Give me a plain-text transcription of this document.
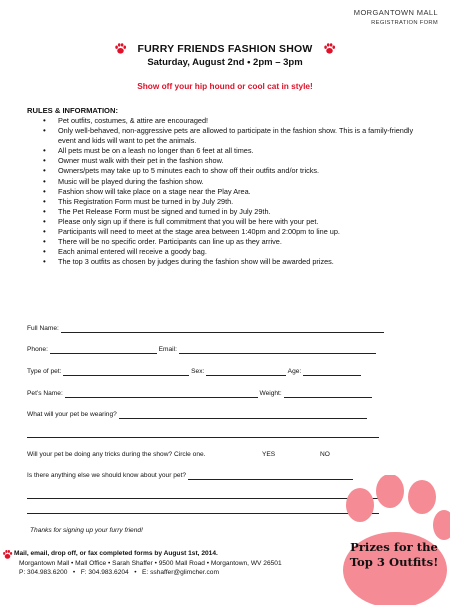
MORGANTOWN MALL
REGISTRATION FORM
FURRY FRIENDS FASHION SHOW
Saturday, August 2nd • 2pm – 3pm
Show off your hip hound or cool cat in style!
RULES & INFORMATION:
• Pet outfits, costumes, & attire are encouraged!
• Only well-behaved, non-aggressive pets are allowed to participate in the fashion show. This is a family-friendly event and kids will want to pet the animals.
• All pets must be on a leash no longer than 6 feet at all times.
• Owner must walk with their pet in the fashion show.
• Owners/pets may take up to 5 minutes each to show off their outfits and/or tricks.
• Music will be played during the fashion show.
• Fashion show will take place on a stage near the Play Area.
• This Registration Form must be turned in by July 29th.
• The Pet Release Form must be signed and turned in by July 29th.
• Please only sign up if there is full commitment that you will be here with your pet.
• Participants will need to meet at the stage area between 1:40pm and 2:00pm to line up.
• There will be no specific order. Participants can line up as they arrive.
• Each animal entered will receive a goody bag.
• The top 3 outfits as chosen by judges during the fashion show will be awarded prizes.
Full Name:
Phone:	Email:
Type of pet:	Sex:	Age:
Pet’s Name:	Weight:
What will your pet be wearing?
Will your pet be doing any tricks during the show? Circle one.	YES	NO
Is there anything else we should know about your pet?
Thanks for signing up your furry friend!
Mail, email, drop off, or fax completed forms by August 1st, 2014.
Morgantown Mall • Mall Office • Sarah Shaffer • 9500 Mall Road • Morgantown, WV 26501
P: 304.983.6200   •   F: 304.983.6204   •   E: sshaffer@glimcher.com
Prizes for the
Top 3 Outfits!
